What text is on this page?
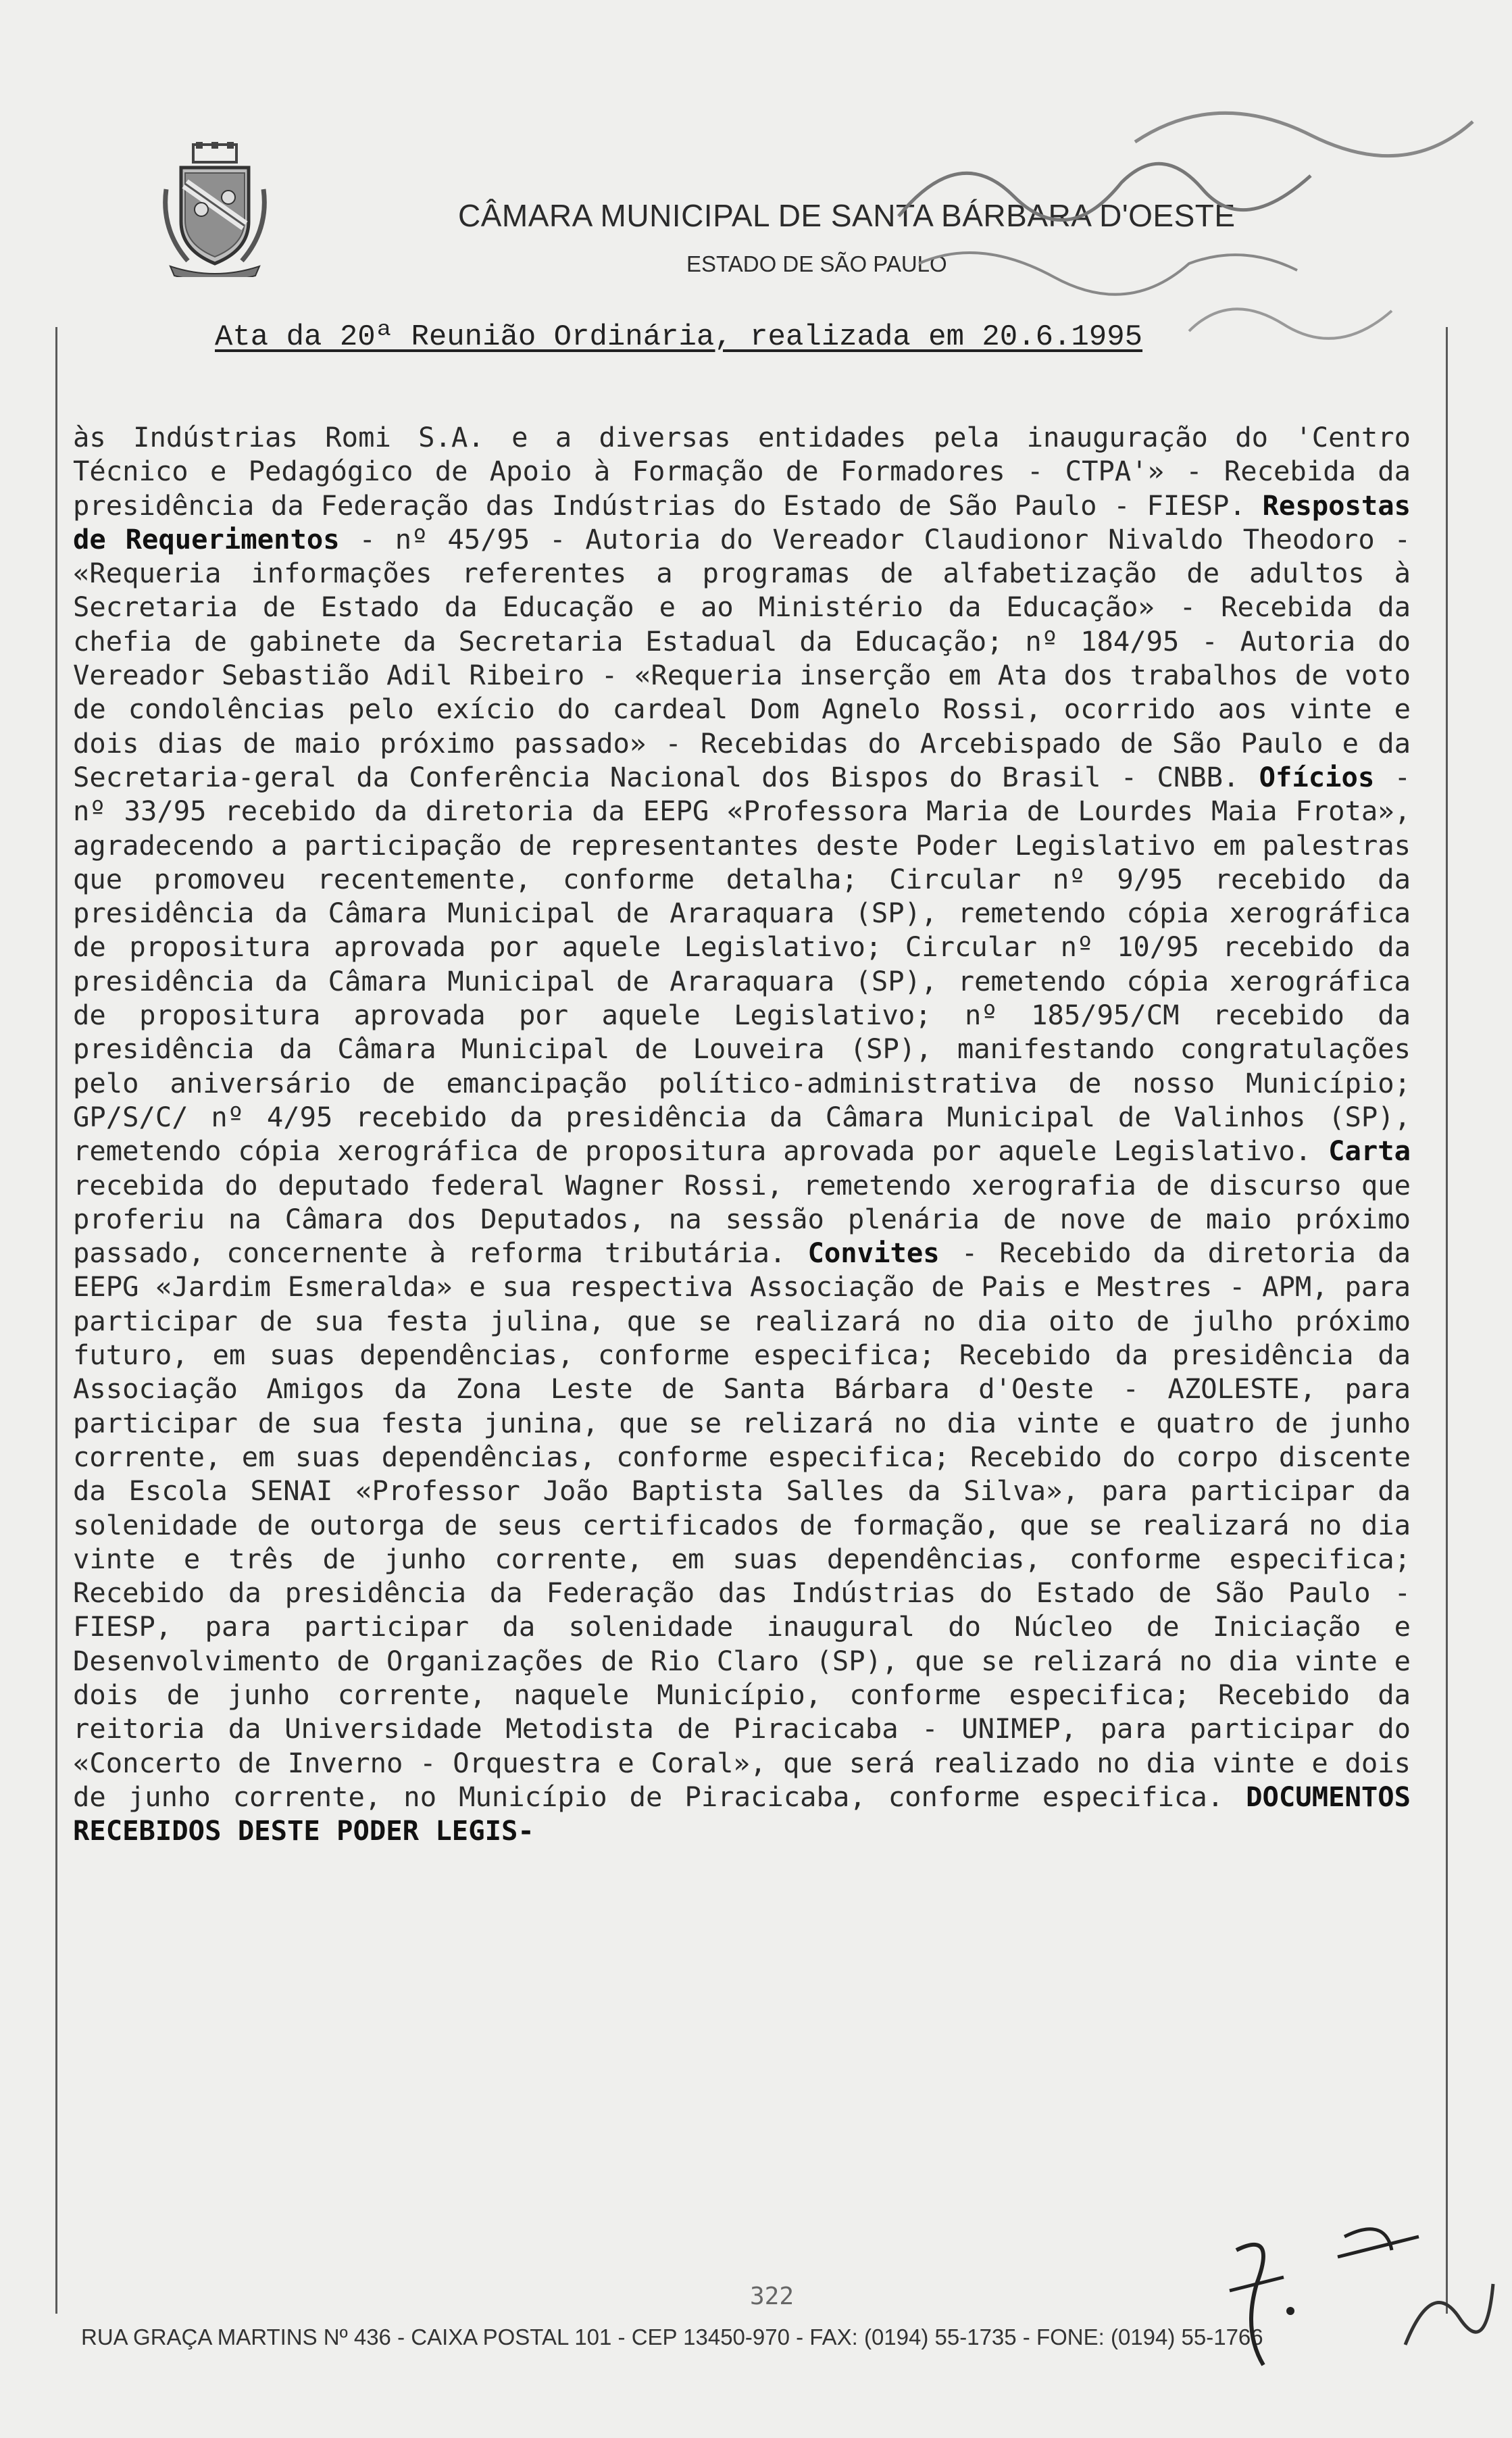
CÂMARA MUNICIPAL DE SANTA BÁRBARA D'OESTE
ESTADO DE SÃO PAULO
Ata da 20ª Reunião Ordinária, realizada em 20.6.1995
às Indústrias Romi S.A. e a diversas entidades pela inauguração do 'Centro Técnico e Pedagógico de Apoio à Formação de Formadores - CTPA'» - Recebida da presidência da Federação das Indústrias do Estado de São Paulo - FIESP. Respostas de Requerimentos - nº 45/95 - Autoria do Vereador Claudionor Nivaldo Theodoro - «Requeria informações referentes a programas de alfabetização de adultos à Secretaria de Estado da Educação e ao Ministério da Educação» - Recebida da chefia de gabinete da Secretaria Estadual da Educação; nº 184/95 - Autoria do Vereador Sebastião Adil Ribeiro - «Requeria inserção em Ata dos trabalhos de voto de condolências pelo exício do cardeal Dom Agnelo Rossi, ocorrido aos vinte e dois dias de maio próximo passado» - Recebidas do Arcebispado de São Paulo e da Secretaria-geral da Conferência Nacional dos Bispos do Brasil - CNBB. Ofícios - nº 33/95 recebido da diretoria da EEPG «Professora Maria de Lourdes Maia Frota», agradecendo a participação de representantes deste Poder Legislativo em palestras que promoveu recentemente, conforme detalha; Circular nº 9/95 recebido da presidência da Câmara Municipal de Araraquara (SP), remetendo cópia xerográfica de propositura aprovada por aquele Legislativo; Circular nº 10/95 recebido da presidência da Câmara Municipal de Araraquara (SP), remetendo cópia xerográfica de propositura aprovada por aquele Legislativo; nº 185/95/CM recebido da presidência da Câmara Municipal de Louveira (SP), manifestando congratulações pelo aniversário de emancipação político-administrativa de nosso Município; GP/S/C/ nº 4/95 recebido da presidência da Câmara Municipal de Valinhos (SP), remetendo cópia xerográfica de propositura aprovada por aquele Legislativo. Carta recebida do deputado federal Wagner Rossi, remetendo xerografia de discurso que proferiu na Câmara dos Deputados, na sessão plenária de nove de maio próximo passado, concernente à reforma tributária. Convites - Recebido da diretoria da EEPG «Jardim Esmeralda» e sua respectiva Associação de Pais e Mestres - APM, para participar de sua festa julina, que se realizará no dia oito de julho próximo futuro, em suas dependências, conforme especifica; Recebido da presidência da Associação Amigos da Zona Leste de Santa Bárbara d'Oeste - AZOLESTE, para participar de sua festa junina, que se relizará no dia vinte e quatro de junho corrente, em suas dependências, conforme especifica; Recebido do corpo discente da Escola SENAI «Professor João Baptista Salles da Silva», para participar da solenidade de outorga de seus certificados de formação, que se realizará no dia vinte e três de junho corrente, em suas dependências, conforme especifica; Recebido da presidência da Federação das Indústrias do Estado de São Paulo - FIESP, para participar da solenidade inaugural do Núcleo de Iniciação e Desenvolvimento de Organizações de Rio Claro (SP), que se relizará no dia vinte e dois de junho corrente, naquele Município, conforme especifica; Recebido da reitoria da Universidade Metodista de Piracicaba - UNIMEP, para participar do «Concerto de Inverno - Orquestra e Coral», que será realizado no dia vinte e dois de junho corrente, no Município de Piracicaba, conforme especifica. DOCUMENTOS RECEBIDOS DESTE PODER LEGIS-
322
RUA GRAÇA MARTINS Nº 436 - CAIXA POSTAL 101 - CEP 13450-970 - FAX: (0194) 55-1735 - FONE: (0194) 55-1766
